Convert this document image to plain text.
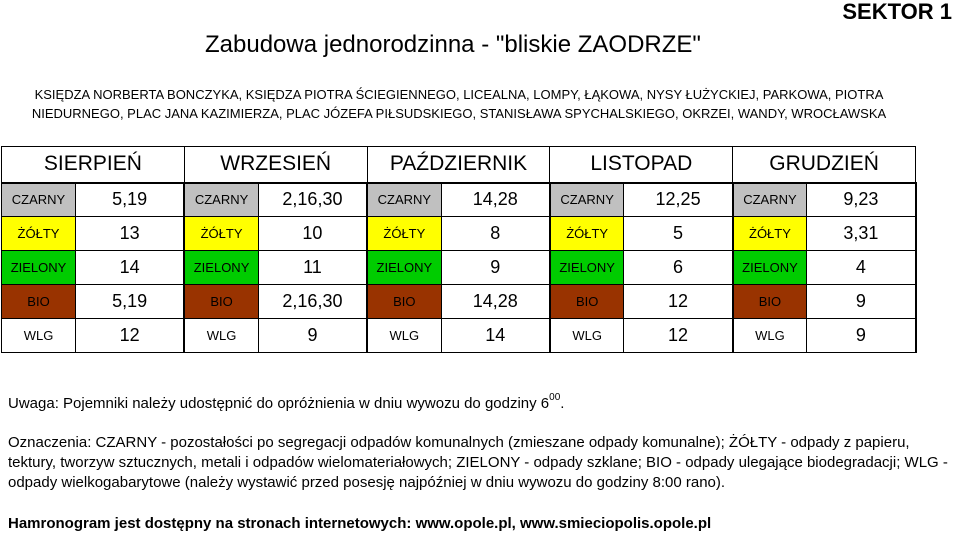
SEKTOR 1
Zabudowa jednorodzinna - "bliskie ZAODRZE"
KSIĘDZA NORBERTA BONCZYKA, KSIĘDZA PIOTRA ŚCIEGIENNEGO, LICEALNA, LOMPY, ŁĄKOWA, NYSY ŁUŻYCKIEJ, PARKOWA, PIOTRA NIEDURNEGO, PLAC JANA KAZIMIERZA, PLAC JÓZEFA PIŁSUDSKIEGO, STANISŁAWA SPYCHALSKIEGO, OKRZEI, WANDY, WROCŁAWSKA
SIERPIEŃ		WRZESIEŃ		PAŹDZIERNIK		LISTOPAD		GRUDZIEŃ	
CZARNY	5,19	CZARNY	2,16,30	CZARNY	14,28	CZARNY	12,25	CZARNY	9,23
ŻÓŁTY	13	ŻÓŁTY	10	ŻÓŁTY	8	ŻÓŁTY	5	ŻÓŁTY	3,31
ZIELONY	14	ZIELONY	11	ZIELONY	9	ZIELONY	6	ZIELONY	4
BIO	5,19	BIO	2,16,30	BIO	14,28	BIO	12	BIO	9
WLG	12	WLG	9	WLG	14	WLG	12	WLG	9
Uwaga: Pojemniki należy udostępnić do opróżnienia w dniu wywozu do godziny $6^{00}$.
Oznaczenia: CZARNY - pozostałości po segregacji odpadów komunalnych (zmieszane odpady komunalne); ŻÓŁTY - odpady z papieru, tektury, tworzyw sztucznych, metali i odpadów wielomateriałowych; ZIELONY - odpady szklane; BIO - odpady ulegające biodegradacji; WLG - odpady wielkogabarytowe (należy wystawić przed posesję najpóźniej w dniu wywozu do godziny 8:00 rano).
Hamronogram jest dostępny na stronach internetowych: www.opole.pl, www.smieciopolis.opole.pl
